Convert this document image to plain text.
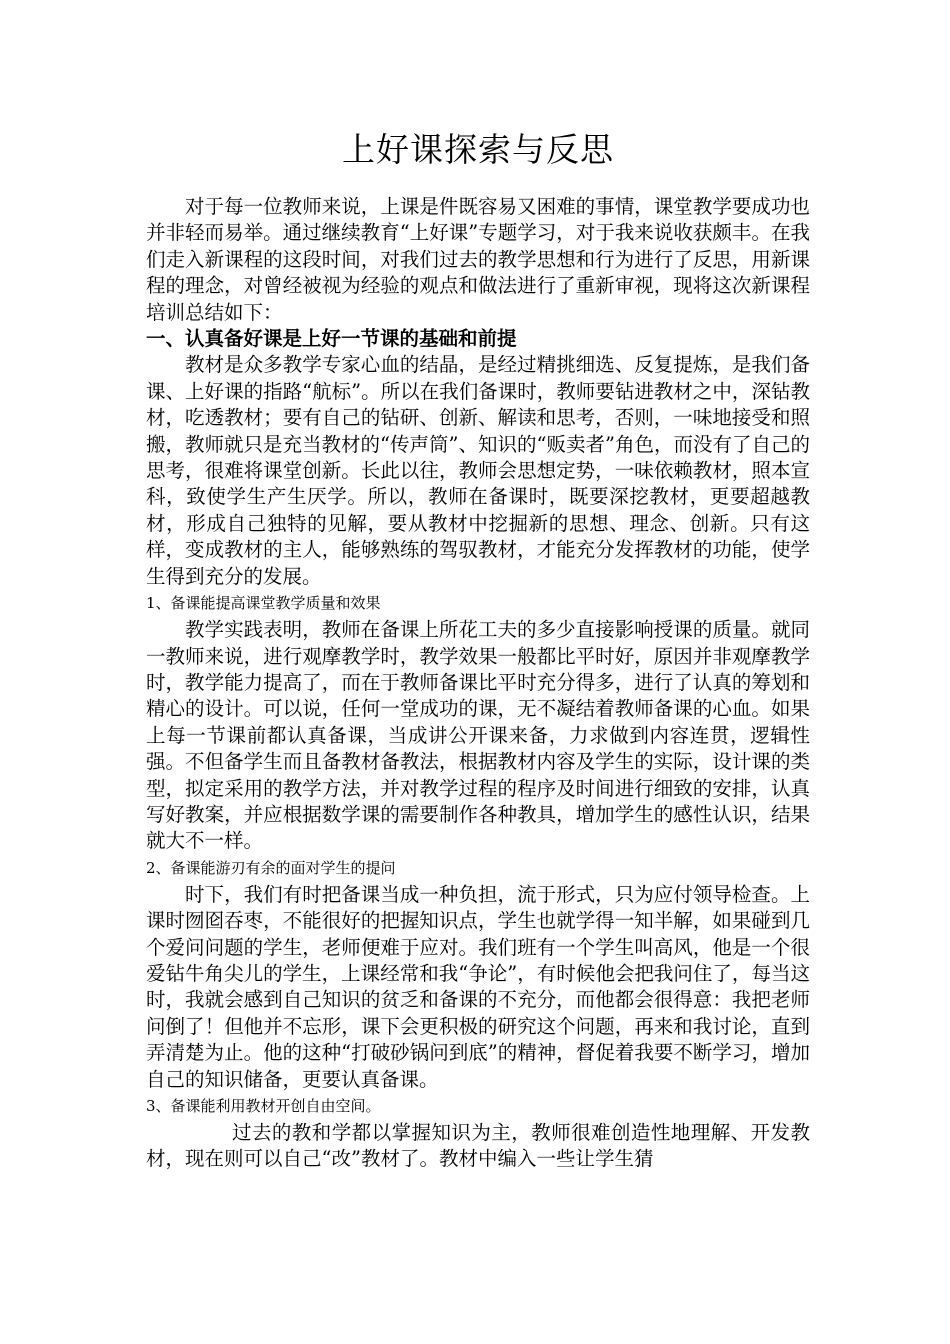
上好课探索与反思

对于每一位教师来说，上课是件既容易又困难的事情，课堂教学要成功也并非轻而易举。通过继续教育“上好课”专题学习，对于我来说收获颇丰。在我们走入新课程的这段时间，对我们过去的教学思想和行为进行了反思，用新课程的理念，对曾经被视为经验的观点和做法进行了重新审视，现将这次新课程培训总结如下：

一、认真备好课是上好一节课的基础和前提

教材是众多教学专家心血的结晶，是经过精挑细选、反复提炼，是我们备课、上好课的指路“航标”。所以在我们备课时，教师要钻进教材之中，深钻教材，吃透教材；要有自己的钻研、创新、解读和思考，否则，一味地接受和照搬，教师就只是充当教材的“传声筒”、知识的“贩卖者”角色，而没有了自己的思考，很难将课堂创新。长此以往，教师会思想定势，一味依赖教材，照本宣科，致使学生产生厌学。所以，教师在备课时，既要深挖教材，更要超越教材，形成自己独特的见解，要从教材中挖掘新的思想、理念、创新。只有这样，变成教材的主人，能够熟练的驾驭教材，才能充分发挥教材的功能，使学生得到充分的发展。

1、备课能提高课堂教学质量和效果

教学实践表明，教师在备课上所花工夫的多少直接影响授课的质量。就同一教师来说，进行观摩教学时，教学效果一般都比平时好，原因并非观摩教学时，教学能力提高了，而在于教师备课比平时充分得多，进行了认真的筹划和精心的设计。可以说，任何一堂成功的课，无不凝结着教师备课的心血。如果上每一节课前都认真备课，当成讲公开课来备，力求做到内容连贯，逻辑性强。不但备学生而且备教材备教法，根据教材内容及学生的实际，设计课的类型，拟定采用的教学方法，并对教学过程的程序及时间进行细致的安排，认真写好教案，并应根据数学课的需要制作各种教具，增加学生的感性认识，结果就大不一样。

2、备课能游刃有余的面对学生的提问

时下，我们有时把备课当成一种负担，流于形式，只为应付领导检查。上课时囫囵吞枣，不能很好的把握知识点，学生也就学得一知半解，如果碰到几个爱问问题的学生，老师便难于应对。我们班有一个学生叫高风，他是一个很爱钻牛角尖儿的学生，上课经常和我“争论”，有时候他会把我问住了，每当这时，我就会感到自己知识的贫乏和备课的不充分，而他都会很得意：我把老师问倒了！但他并不忘形，课下会更积极的研究这个问题，再来和我讨论，直到弄清楚为止。他的这种“打破砂锅问到底”的精神，督促着我要不断学习，增加自己的知识储备，更要认真备课。

3、备课能利用教材开创自由空间。

过去的教和学都以掌握知识为主，教师很难创造性地理解、开发教材，现在则可以自己“改”教材了。教材中编入一些让学生猜
